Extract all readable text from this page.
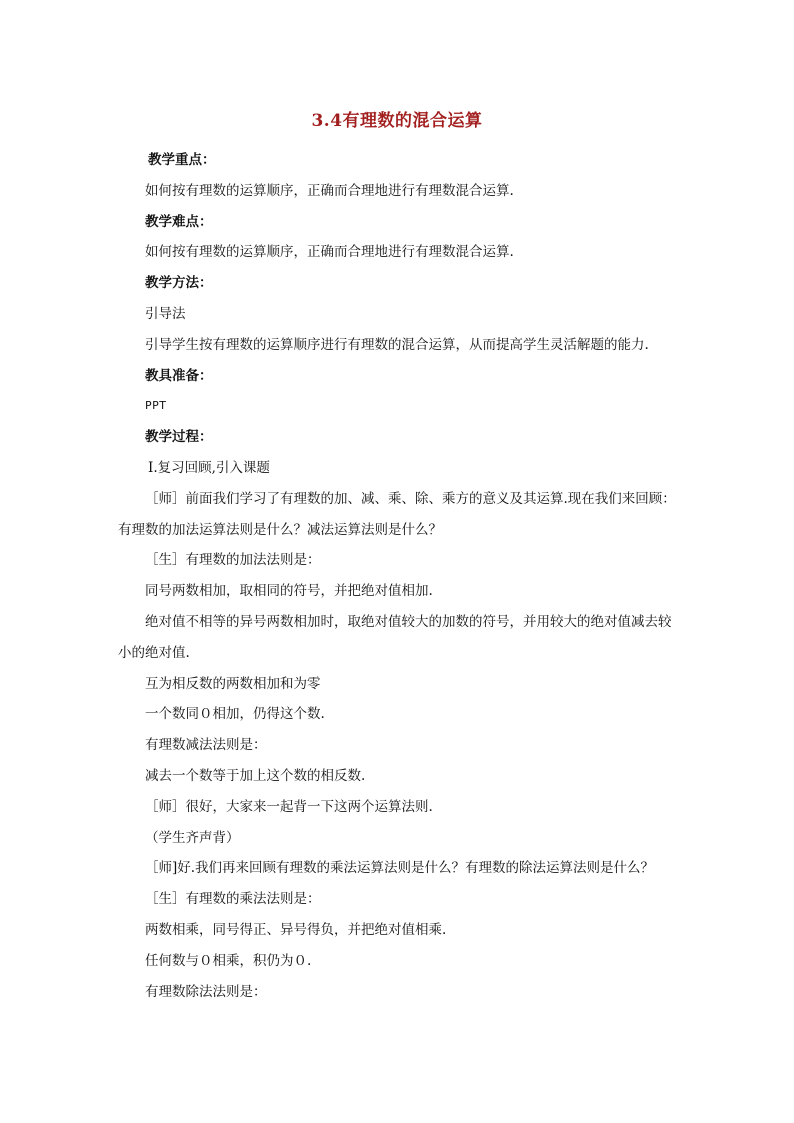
3.4有理数的混合运算

教学重点：

如何按有理数的运算顺序，正确而合理地进行有理数混合运算.

教学难点：

如何按有理数的运算顺序，正确而合理地进行有理数混合运算.

教学方法：

引导法

引导学生按有理数的运算顺序进行有理数的混合运算，从而提高学生灵活解题的能力.

教具准备：

PPT

教学过程：

Ⅰ.复习回顾,引入课题

［师］前面我们学习了有理数的加、减、乘、除、乘方的意义及其运算.现在我们来回顾：有理数的加法运算法则是什么？减法运算法则是什么？

［生］有理数的加法法则是：

同号两数相加，取相同的符号，并把绝对值相加.

绝对值不相等的异号两数相加时，取绝对值较大的加数的符号，并用较大的绝对值减去较小的绝对值.

互为相反数的两数相加和为零

一个数同０相加，仍得这个数.

有理数减法法则是：

减去一个数等于加上这个数的相反数.

［师］很好，大家来一起背一下这两个运算法则.

（学生齐声背）

［师]好.我们再来回顾有理数的乘法运算法则是什么？有理数的除法运算法则是什么？

［生］有理数的乘法法则是：

两数相乘，同号得正、异号得负，并把绝对值相乘.

任何数与０相乘，积仍为０.

有理数除法法则是：
